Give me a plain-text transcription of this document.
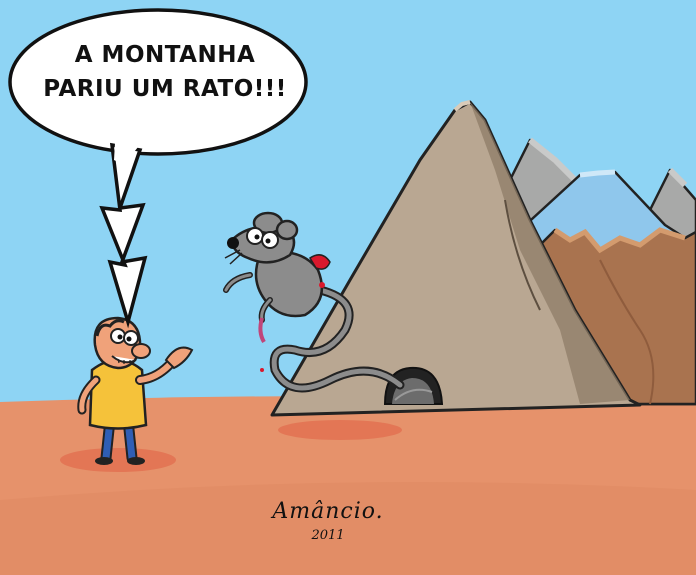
A MONTANHA
PARIU UM RATO!!!
Amâncio.
2011
